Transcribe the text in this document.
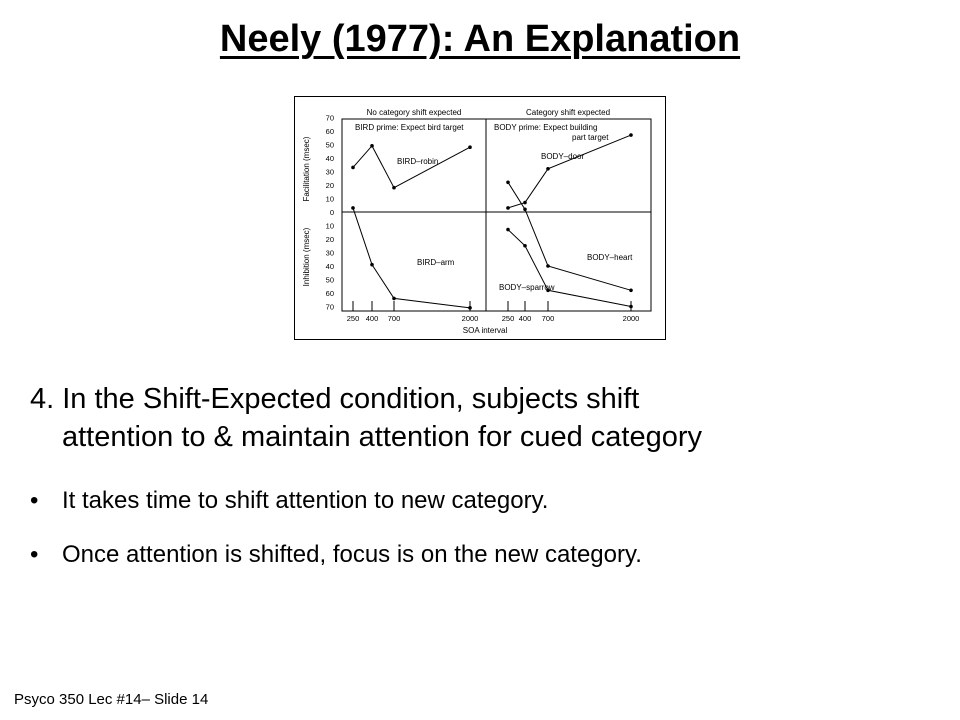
Neely (1977): An Explanation
No category shift expected	Category shift expected
BIRD prime: Expect bird target	BODY prime: Expect building
part target
Facilitation (msec)
Inhibition (msec)
SOA interval
70
60
50
40
30
20
10
0
10
20
30
40
50
60
70
250 400 700	2000	250 400 700	2000
BIRD–robin
BIRD–arm
BODY–door
BODY–heart
BODY–sparrow
4. In the Shift-Expected condition, subjects shift
attention to & maintain attention for cued category
• It takes time to shift attention to new category.
• Once attention is shifted, focus is on the new category.
Psyco 350 Lec #14– Slide 14
